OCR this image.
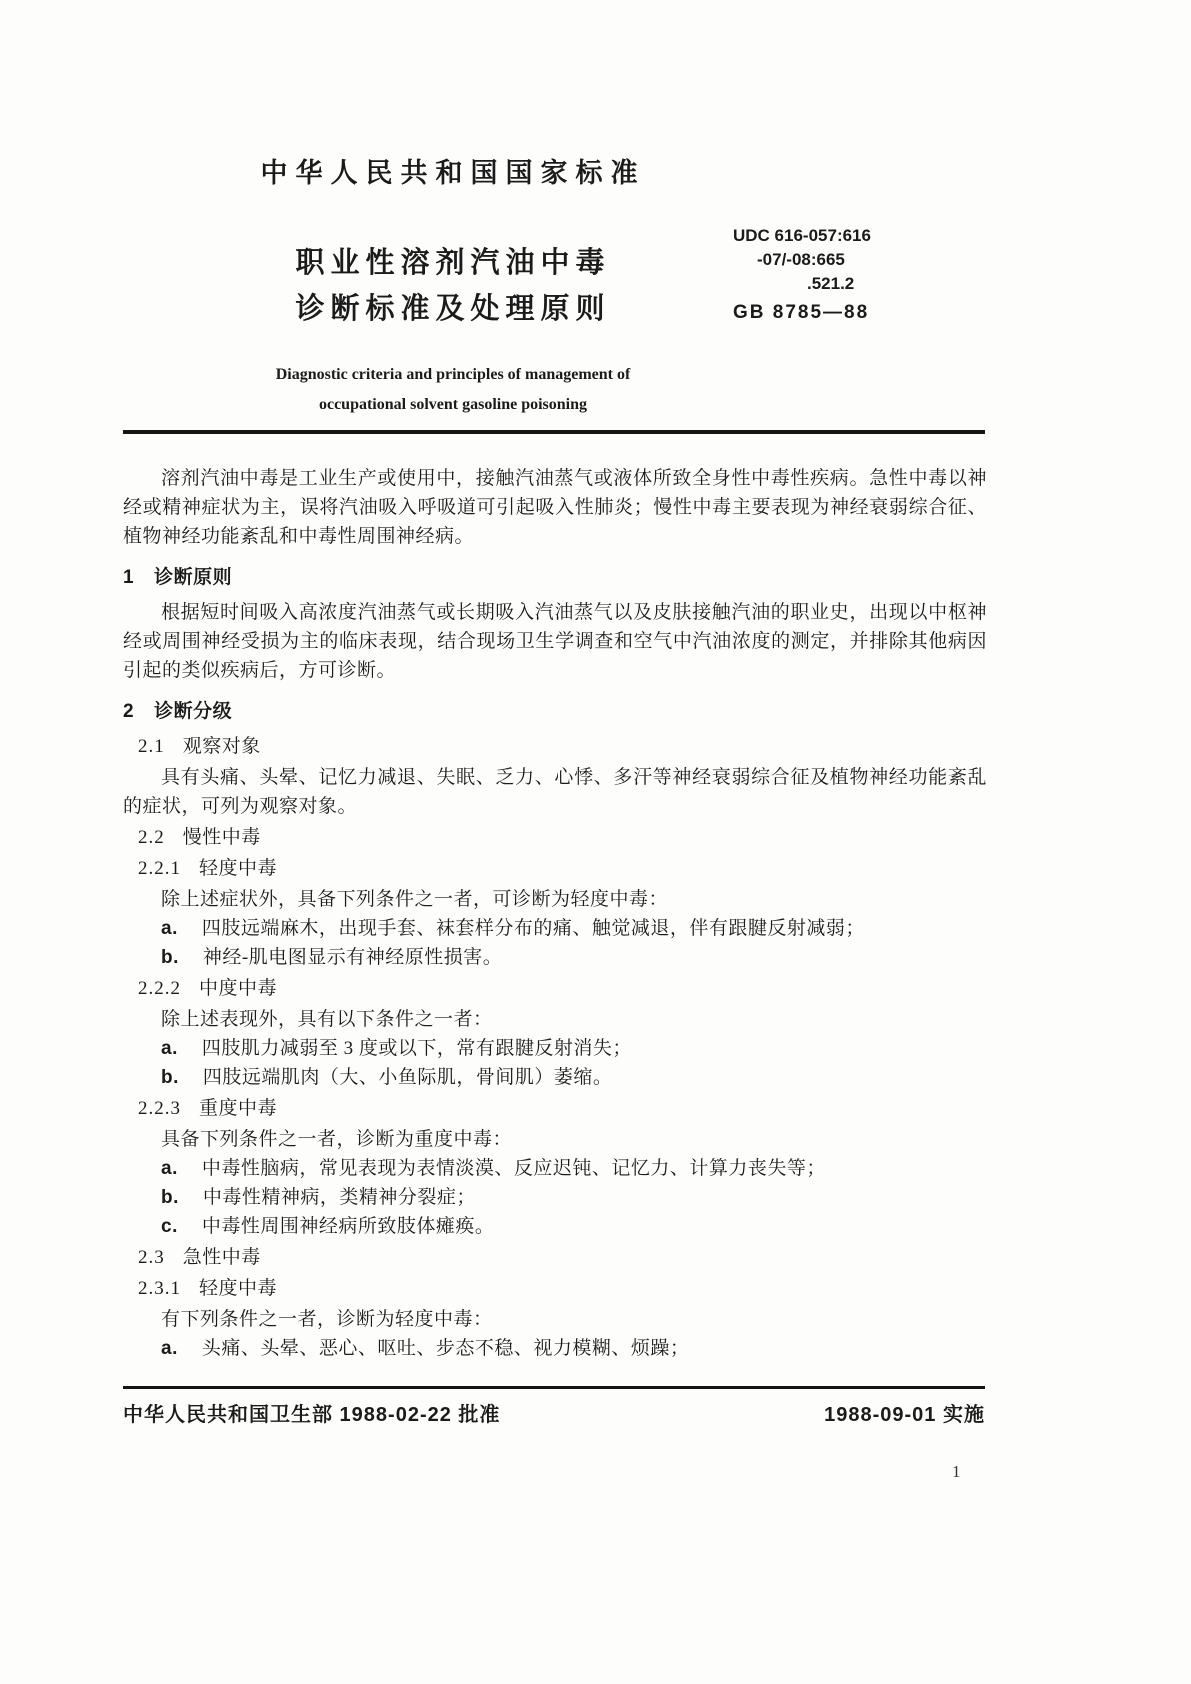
中华人民共和国国家标准
职业性溶剂汽油中毒
诊断标准及处理原则
Diagnostic criteria and principles of management of
occupational solvent gasoline poisoning
UDC 616-057:616
-07/-08:665
.521.2
GB 8785—88

溶剂汽油中毒是工业生产或使用中，接触汽油蒸气或液体所致全身性中毒性疾病。急性中毒以神经或精神症状为主，误将汽油吸入呼吸道可引起吸入性肺炎；慢性中毒主要表现为神经衰弱综合征、植物神经功能紊乱和中毒性周围神经病。

1 诊断原则

根据短时间吸入高浓度汽油蒸气或长期吸入汽油蒸气以及皮肤接触汽油的职业史，出现以中枢神经或周围神经受损为主的临床表现，结合现场卫生学调查和空气中汽油浓度的测定，并排除其他病因引起的类似疾病后，方可诊断。

2 诊断分级
2.1 观察对象

具有头痛、头晕、记忆力减退、失眠、乏力、心悸、多汗等神经衰弱综合征及植物神经功能紊乱的症状，可列为观察对象。

2.2 慢性中毒
2.2.1 轻度中毒

除上述症状外，具备下列条件之一者，可诊断为轻度中毒：

a. 四肢远端麻木，出现手套、袜套样分布的痛、触觉减退，伴有跟腱反射减弱；

b. 神经-肌电图显示有神经原性损害。

2.2.2 中度中毒

除上述表现外，具有以下条件之一者：

a. 四肢肌力减弱至 3 度或以下，常有跟腱反射消失；

b. 四肢远端肌肉（大、小鱼际肌，骨间肌）萎缩。

2.2.3 重度中毒

具备下列条件之一者，诊断为重度中毒：

a. 中毒性脑病，常见表现为表情淡漠、反应迟钝、记忆力、计算力丧失等；

b. 中毒性精神病，类精神分裂症；

c. 中毒性周围神经病所致肢体瘫痪。

2.3 急性中毒
2.3.1 轻度中毒

有下列条件之一者，诊断为轻度中毒：

a. 头痛、头晕、恶心、呕吐、步态不稳、视力模糊、烦躁；

中华人民共和国卫生部 1988-02-22 批准	1988-09-01 实施
1
